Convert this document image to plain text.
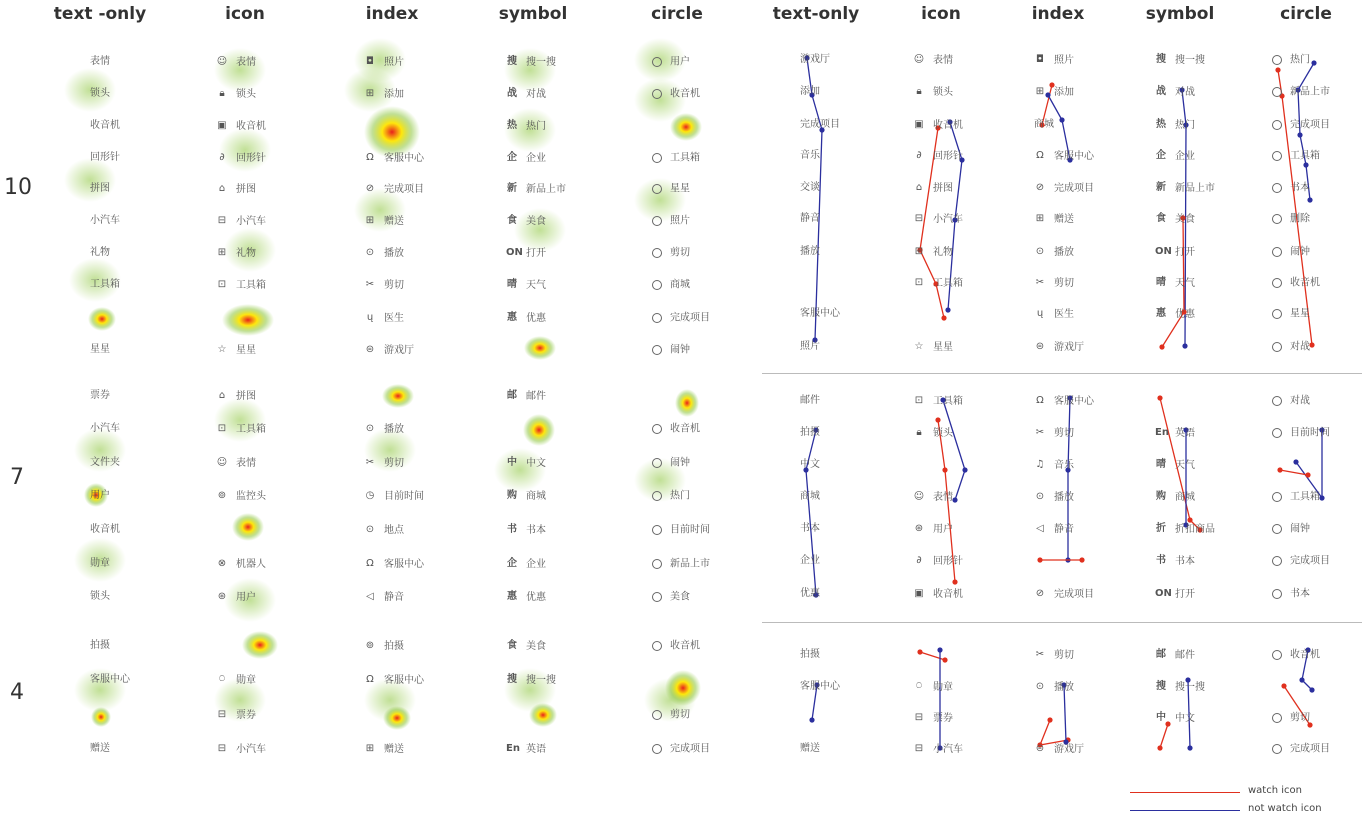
text -only	icon	index	symbol	circle	text-only	icon	index	symbol	circle
10
7
4
表情
锁头
收音机
回形针
拼图
小汽车
礼物
工具箱
星星
☺ 表情
🔒︎ 锁头
▣ 收音机
∂ 回形针
⌂ 拼图
⊟ 小汽车
⊞ 礼物
⊡ 工具箱
☆ 星星
◘ 照片
⊞ 添加
Ω 客服中心
⊘ 完成项目
⊞ 赠送
⊙ 播放
✂ 剪切
ų 医生
⊜ 游戏厅
搜 搜一搜
战 对战
热 热门
企 企业
新 新品上市
食 美食
ON 打开
晴 天气
惠 优惠
用户
收音机
工具箱
星星
照片
剪切
商城
完成项目
闹钟
票券
小汽车
文件夹
用户
收音机
勋章
锁头
⌂ 拼图
⊡ 工具箱
☺ 表情
⊚ 监控头
⊗ 机器人
⊛ 用户
⊙ 播放
✂ 剪切
◷ 目前时间
⊙ 地点
Ω 客服中心
◁ 静音
邮 邮件
中 中文
购 商城
书 书本
企 企业
惠 优惠
收音机
闹钟
热门
目前时间
新品上市
美食
拍摄
客服中心
赠送
⍥ 勋章
⊟ 票券
⊟ 小汽车
⊚ 拍摄
Ω 客服中心
⊞ 赠送
食 美食
搜 搜一搜
En 英语
收音机
剪切
完成项目
游戏厅
添加
完成项目
音乐
交谈
静音
播放
客服中心
照片
☺ 表情
🔒︎ 锁头
▣ 收音机
∂ 回形针
⌂ 拼图
⊟ 小汽车
⊞ 礼物
⊡ 工具箱
☆ 星星
◘ 照片
⊞ 添加
商城
Ω 客服中心
⊘ 完成项目
⊞ 赠送
⊙ 播放
✂ 剪切
ų 医生
⊜ 游戏厅
搜 搜一搜
战 对战
热 热门
企 企业
新 新品上市
食 美食
ON 打开
晴 天气
惠 优惠
热门
新品上市
完成项目
工具箱
书本
删除
闹钟
收音机
星星
对战
邮件
拍摄
中文
商城
书本
企业
优惠
⊡ 工具箱
🔒︎ 锁头
☺ 表情
⊛ 用户
∂ 回形针
▣ 收音机
Ω 客服中心
✂ 剪切
♫ 音乐
⊙ 播放
◁ 静音
⊘ 完成项目
En 英语
晴 天气
购 商城
折 折扣商品
书 书本
ON 打开
对战
目前时间
工具箱
闹钟
完成项目
书本
拍摄
客服中心
赠送
⍥ 勋章
⊟ 票券
⊟ 小汽车
✂ 剪切
⊙ 播放
⊜ 游戏厅
邮 邮件
搜 搜一搜
中 中文
收音机
剪切
完成项目
watch icon
not watch icon
